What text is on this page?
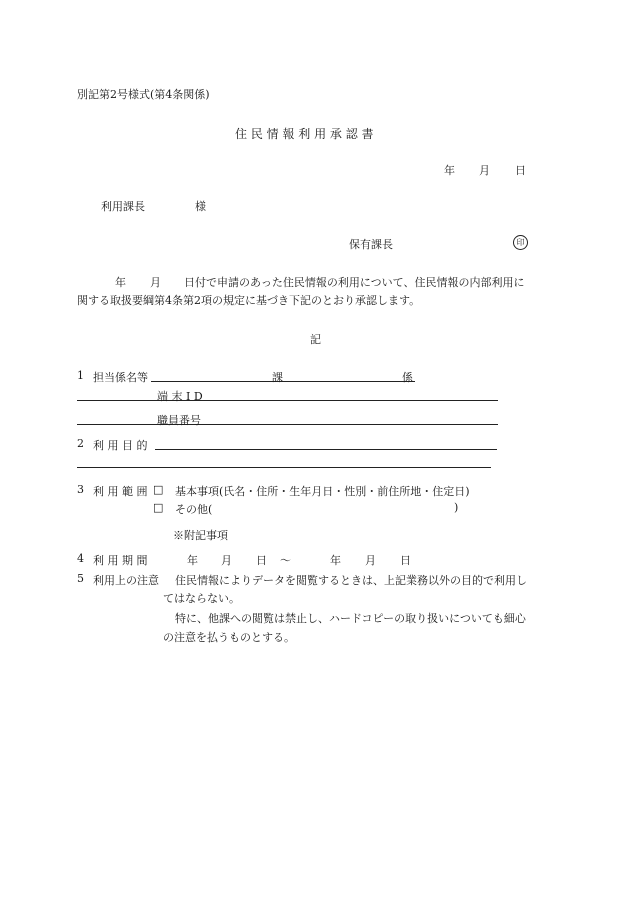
別記第2号様式(第4条関係)
住 民 情 報 利 用 承 認 書
年 月 日
利用課長	様
保有課長	印
年 月 日付で申請のあった住民情報の利用について、住民情報の内部利用に
関する取扱要綱第4条第2項の規定に基づき下記のとおり承認します。
記
1 担当係名等	課	係
端 末 I D
職員番号
2 利 用 目 的
3 利 用 範 囲 □ 基本事項(氏名・住所・生年月日・性別・前住所地・住定日)
□ その他(	)
※附記事項
4 利 用 期 間	年 月 日 〜	年 月 日
5 利用上の注意 住民情報によりデータを閲覧するときは、上記業務以外の目的で利用し
てはならない。
特に、他課への閲覧は禁止し、ハードコピーの取り扱いについても細心
の注意を払うものとする。
